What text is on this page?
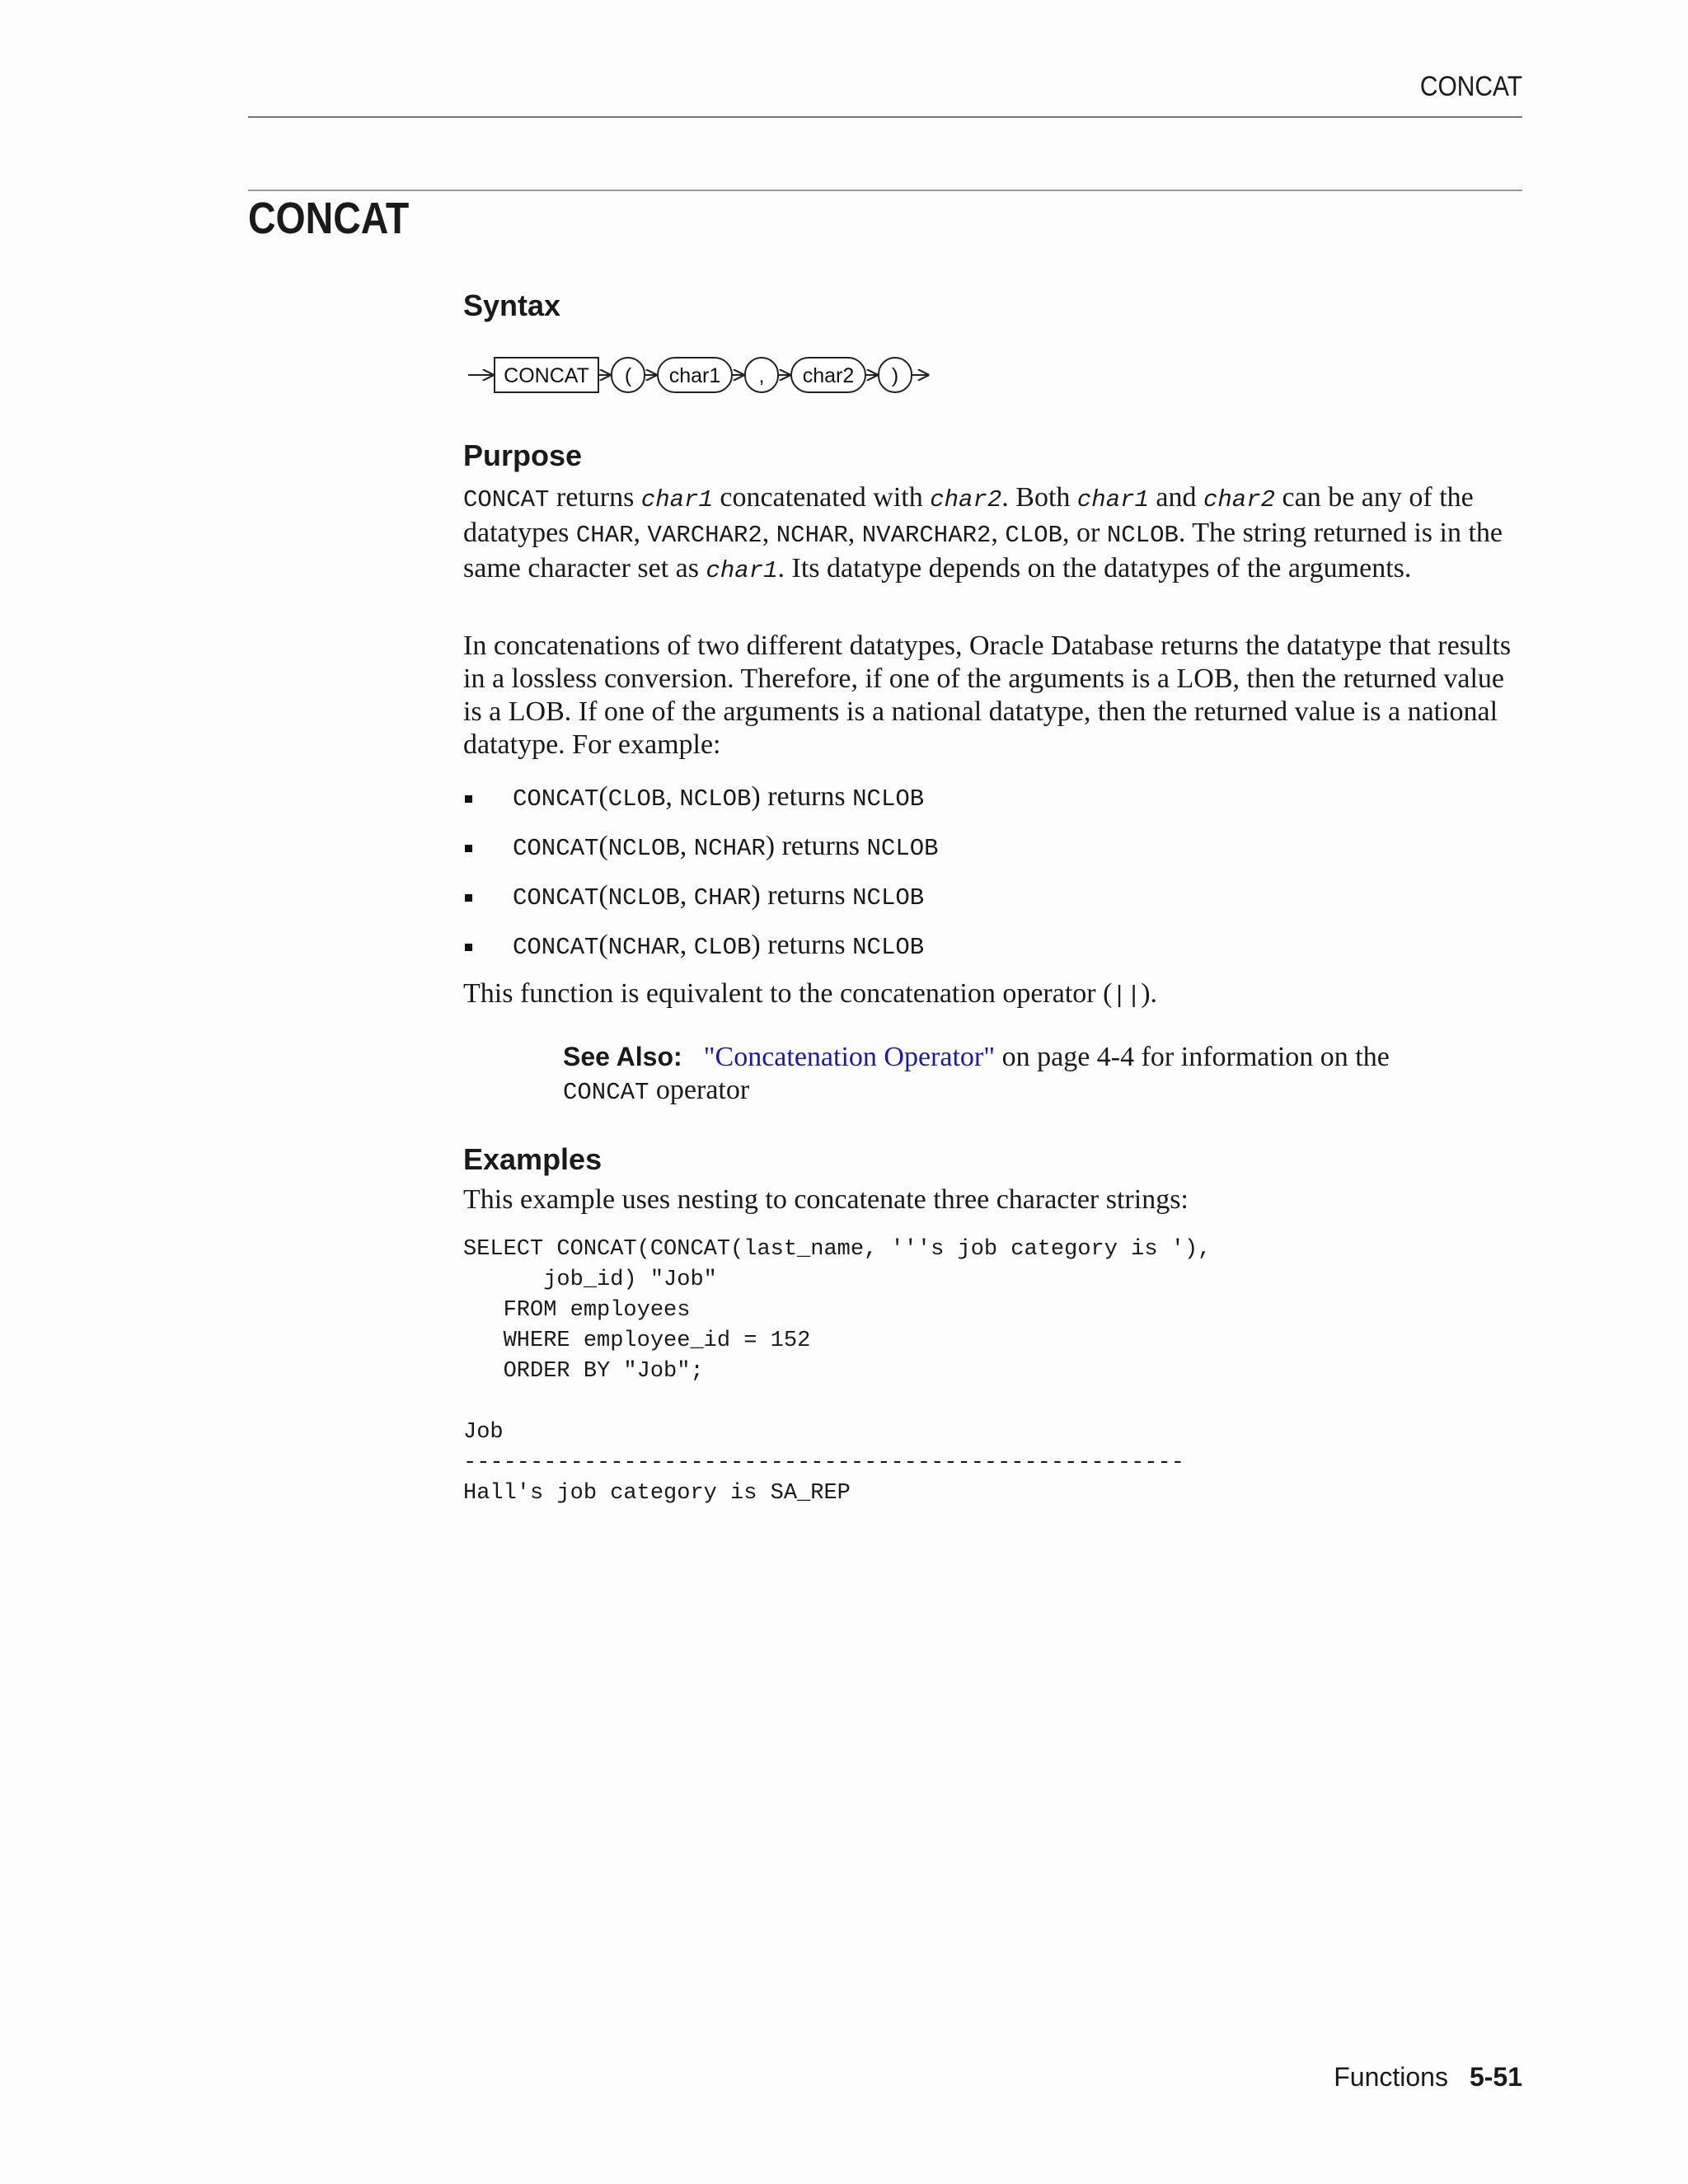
CONCAT
CONCAT
Syntax
CONCAT ( char1 , char2 )
Purpose

CONCAT returns char1 concatenated with char2. Both char1 and char2 can be any of the datatypes CHAR, VARCHAR2, NCHAR, NVARCHAR2, CLOB, or NCLOB. The string returned is in the same character set as char1. Its datatype depends on the datatypes of the arguments.

In concatenations of two different datatypes, Oracle Database returns the datatype that results in a lossless conversion. Therefore, if one of the arguments is a LOB, then the returned value is a LOB. If one of the arguments is a national datatype, then the returned value is a national datatype. For example:

CONCAT(CLOB, NCLOB) returns NCLOB
CONCAT(NCLOB, NCHAR) returns NCLOB
CONCAT(NCLOB, CHAR) returns NCLOB
CONCAT(NCHAR, CLOB) returns NCLOB

This function is equivalent to the concatenation operator (||).

See Also: "Concatenation Operator" on page 4-4 for information on the CONCAT operator
Examples

This example uses nesting to concatenate three character strings:

SELECT CONCAT(CONCAT(last_name, '''s job category is '),
job_id) "Job"
FROM employees
WHERE employee_id = 152
ORDER BY "Job";

Job
------------------------------------------------------
Hall's job category is SA_REP
Functions 5-51
